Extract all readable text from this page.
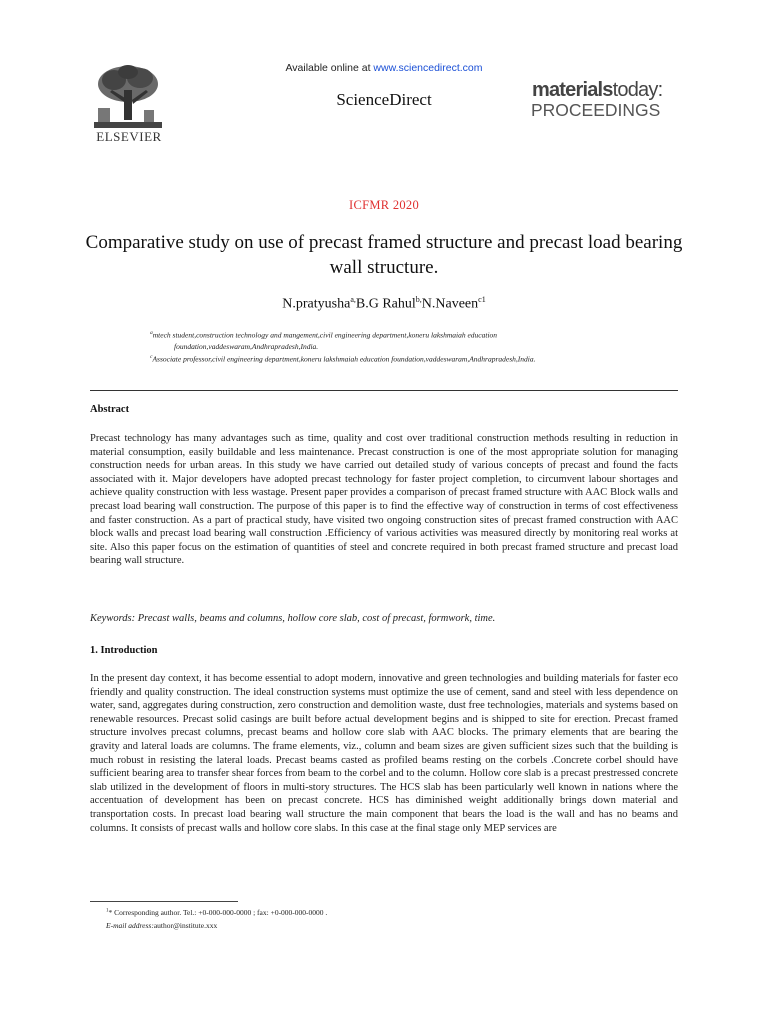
ELSEVIER
Available online at www.sciencedirect.com
ScienceDirect	materialstoday:
PROCEEDINGS
ICFMR 2020
Comparative study on use of precast framed structure and precast load bearing wall structure.
N.pratyusha$^{a,}$B.G Rahul$^{b,}$N.Naveen$^{c1}$
$^a$mtech student,construction technology and mangement,civil engineering department,koneru lakshmaiah education
foundation,vaddeswaram,Andhrapradesh,India.
$^c$Associate professor,civil engineering department,koneru lakshmaiah education foundation,vaddeswaram,Andhrapradesh,India.
Abstract

Precast technology has many advantages such as time, quality and cost over traditional construction methods resulting in reduction in material consumption, easily buildable and less maintenance. Precast construction is one of the most appropriate solution for managing construction needs for urban areas. In this study we have carried out detailed study of various concepts of precast and found the facts associated with it. Major developers have adopted precast technology for faster project completion, to circumvent labour shortages and achieve quality construction with less wastage. Present paper provides a comparison of precast framed structure with AAC Block walls and precast load bearing wall construction. The purpose of this paper is to find the effective way of construction in terms of cost effectiveness and faster construction. As a part of practical study, have visited two ongoing construction sites of precast framed construction with AAC block walls and precast load bearing wall construction .Efficiency of various activities was measured directly by monitoring real works at site. Also this paper focus on the estimation of quantities of steel and concrete required in both precast framed structure and precast load bearing wall structure.

Keywords: Precast walls, beams and columns, hollow core slab, cost of precast, formwork, time.
1. Introduction

In the present day context, it has become essential to adopt modern, innovative and green technologies and building materials for faster eco friendly and quality construction. The ideal construction systems must optimize the use of cement, sand and steel with less dependence on water, sand, aggregates during construction, zero construction and demolition waste, dust free technologies, materials and systems based on renewable resources. Precast solid casings are built before actual development begins and is shipped to site for erection. Precast framed structure involves precast columns, precast beams and hollow core slab with AAC blocks. The primary elements that are bearing the gravity and lateral loads are columns. The frame elements, viz., column and beam sizes are given sufficient sizes such that the building is much robust in resisting the lateral loads. Precast beams casted as profiled beams resting on the corbels .Concrete corbel should have sufficient bearing area to transfer shear forces from beam to the corbel and to the column. Hollow core slab is a precast prestressed concrete slab utilized in the development of floors in multi-story structures. The HCS slab has been particularly well known in nations where the accentuation of development has been on precast concrete. HCS has diminished weight additionally brings down material and transportation costs. In precast load bearing wall structure the main component that bears the load is the wall and has no beams and columns. It consists of precast walls and hollow core slabs. In this case at the final stage only MEP services are

$^1$* Corresponding author. Tel.: +0-000-000-0000 ; fax: +0-000-000-0000 .
E-mail address:author@institute.xxx
